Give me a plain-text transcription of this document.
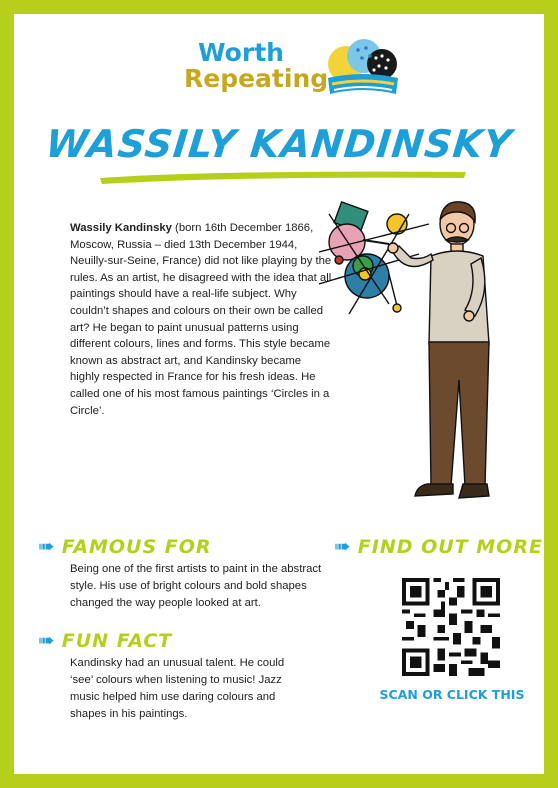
Worth
Repeating
WASSILY KANDINSKY
Wassily Kandinsky (born 16th December 1866, Moscow, Russia – died 13th December 1944, Neuilly-sur-Seine, France) did not like playing by the rules. As an artist, he disagreed with the idea that all paintings should have a real-life subject. Why couldn’t shapes and colours on their own be called art? He began to paint unusual patterns using different colours, lines and forms. This style became known as abstract art, and Kandinsky became highly respected in France for his fresh ideas. He called one of his most famous paintings ‘Circles in a Circle’.
➠ FAMOUS FOR
Being one of the first artists to paint in the abstract style. His use of bright colours and bold shapes changed the way people looked at art.
➠ FUN FACT
Kandinsky had an unusual talent. He could ‘see’ colours when listening to music! Jazz music helped him use daring colours and shapes in his paintings.
➠ FIND OUT MORE
SCAN OR CLICK THIS
